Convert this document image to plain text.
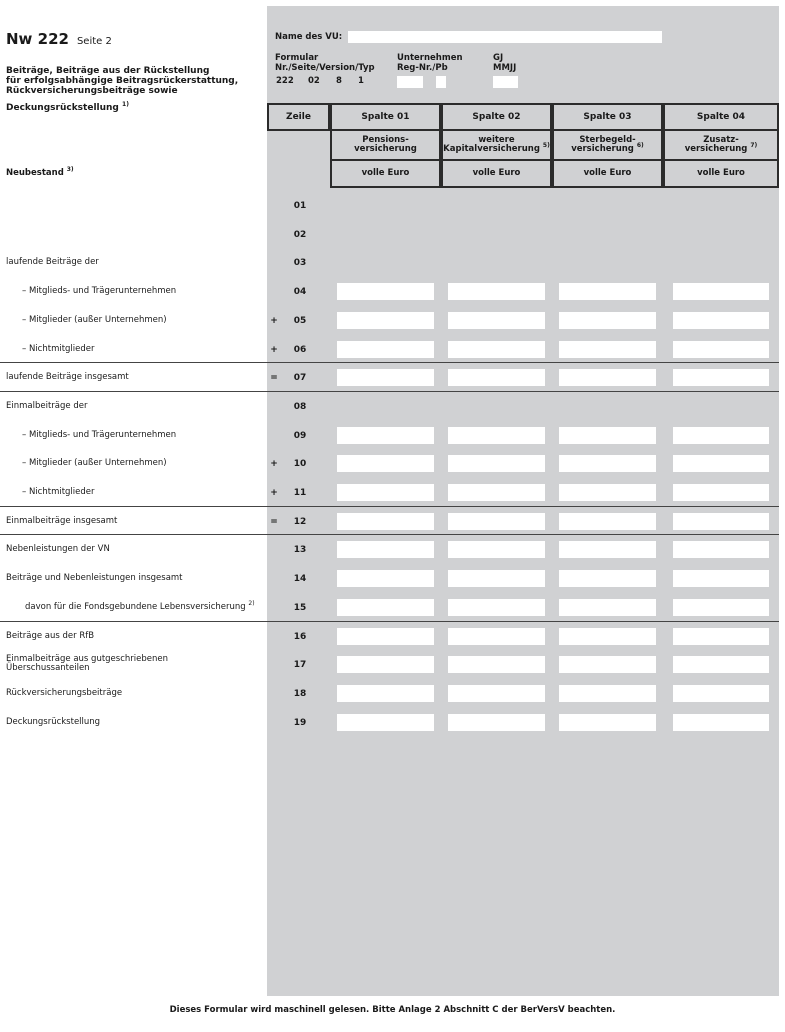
Nw 222 Seite 2
Beiträge, Beiträge aus der Rückstellung
für erfolgsabhängige Beitragsrückerstattung,
Rückversicherungsbeiträge sowie
Deckungsrückstellung $^{1)}$
Name des VU:
Formular
Nr./Seite/Version/Typ
222 02 8 1
Unternehmen
Reg-Nr./Pb
GJ
MMJJ
Zeile	Spalte 01	Spalte 02	Spalte 03	Spalte 04
Pensions-
versicherung
weitere
Kapitalversicherung $^{5)}$
Sterbegeld-
versicherung $^{6)}$
Zusatz-
versicherung $^{7)}$
volle Euro	volle Euro	volle Euro	volle Euro
Neubestand $^{3)}$
01
02
laufende Beiträge der	03
– Mitglieds- und Trägerunternehmen	04
– Mitglieder (außer Unternehmen)	+	05
– Nichtmitglieder	+	06
laufende Beiträge insgesamt	=	07
Einmalbeiträge der	08
– Mitglieds- und Trägerunternehmen	09
– Mitglieder (außer Unternehmen)	+	10
– Nichtmitglieder	+	11
Einmalbeiträge insgesamt	=	12
Nebenleistungen der VN	13
Beiträge und Nebenleistungen insgesamt	14
davon für die Fondsgebundene Lebensversicherung $^{2)}$	15
Beiträge aus der RfB	16
Einmalbeiträge aus gutgeschriebenen
Überschussanteilen	17
Rückversicherungsbeiträge	18
Deckungsrückstellung	19
Dieses Formular wird maschinell gelesen. Bitte Anlage 2 Abschnitt C der BerVersV beachten.
